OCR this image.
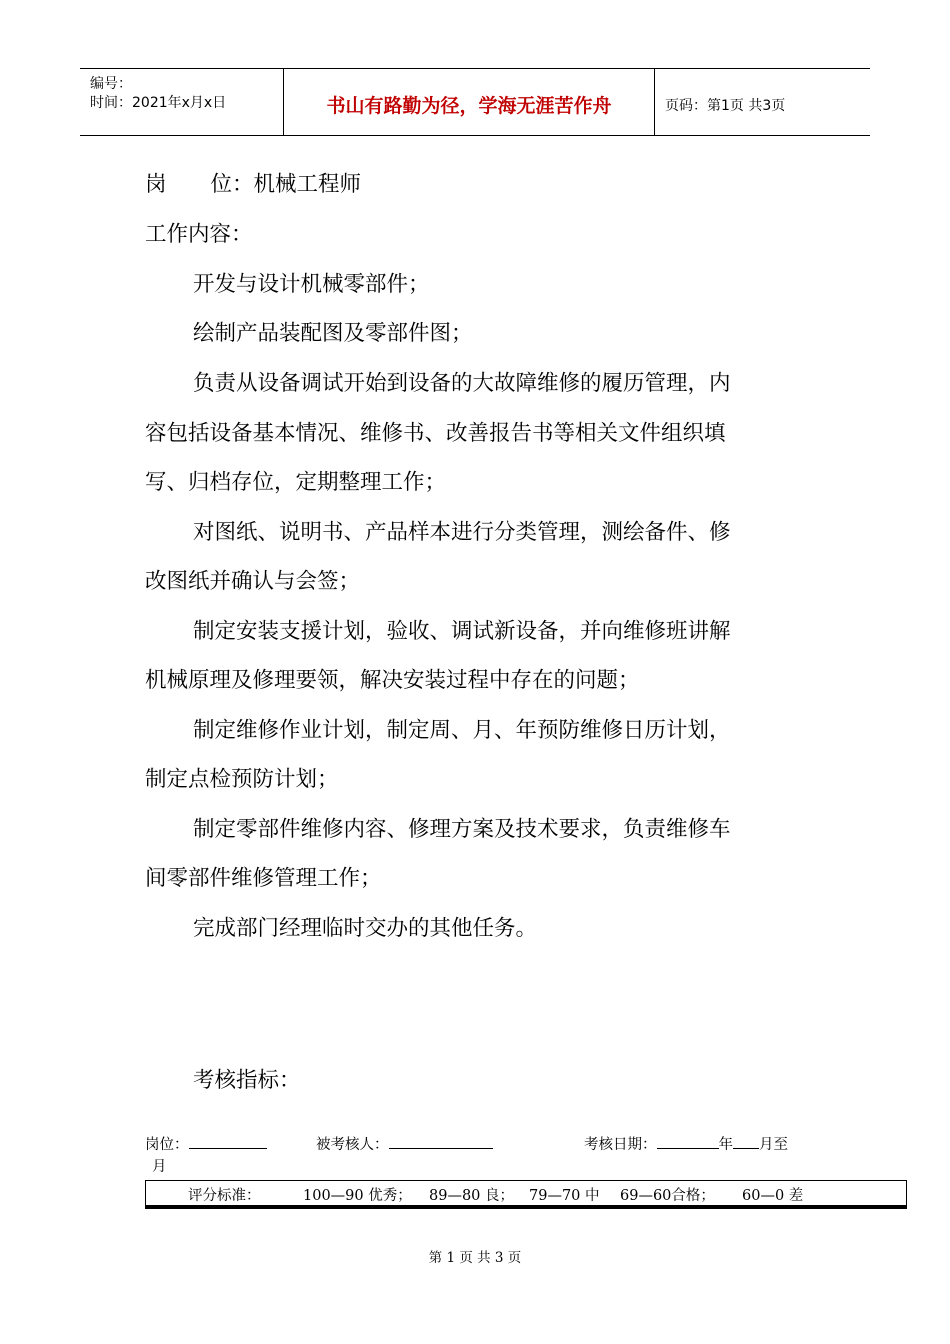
编号：
时间：2021年x月x日	书山有路勤为径，学海无涯苦作舟	页码：第1页 共3页
岗 位：机械工程师
工作内容：
开发与设计机械零部件；
绘制产品装配图及零部件图；
负责从设备调试开始到设备的大故障维修的履历管理，内
容包括设备基本情况、维修书、改善报告书等相关文件组织填
写、归档存位，定期整理工作；
对图纸、说明书、产品样本进行分类管理，测绘备件、修
改图纸并确认与会签；
制定安装支援计划，验收、调试新设备，并向维修班讲解
机械原理及修理要领，解决安装过程中存在的问题；
制定维修作业计划，制定周、月、年预防维修日历计划，
制定点检预防计划；
制定零部件维修内容、修理方案及技术要求，负责维修车
间零部件维修管理工作；
完成部门经理临时交办的其他任务。
考核指标：
岗位：	被考核人：	考核日期：	年 月至
月
评分标准：	100—90 优秀； 89—80 良； 79—70 中 69—60合格； 60—0 差
第 1 页 共 3 页
